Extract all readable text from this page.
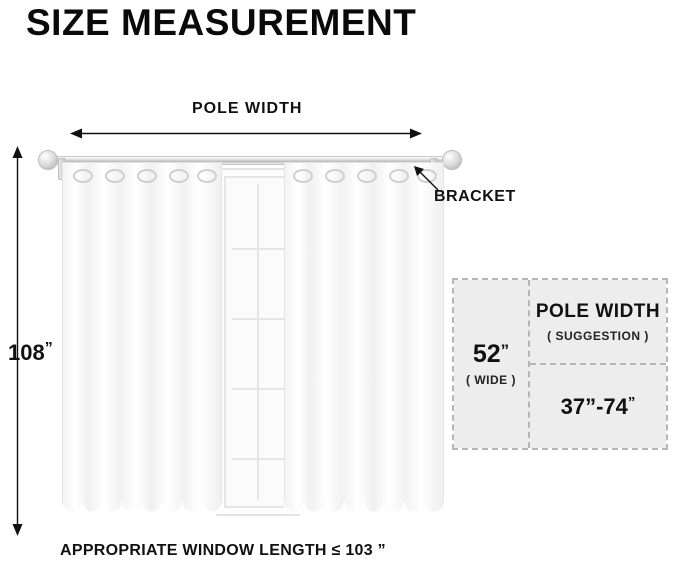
SIZE MEASUREMENT
POLE WIDTH
108”
BRACKET
52”
( WIDE )
POLE WIDTH
( SUGGESTION )
37”-74”
APPROPRIATE WINDOW LENGTH ≤ 103 ”
